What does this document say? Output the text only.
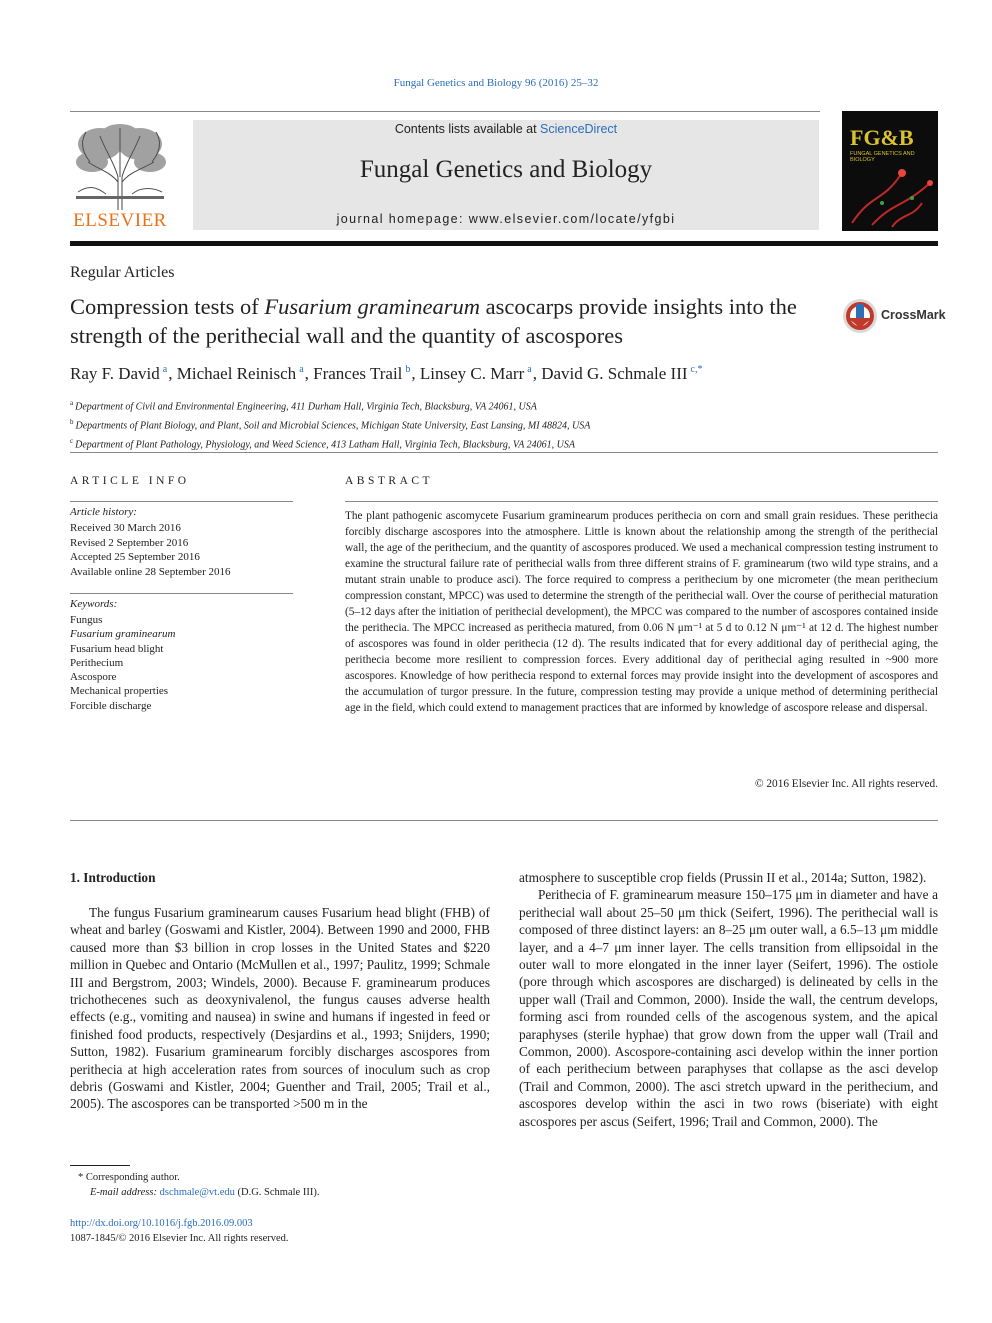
Fungal Genetics and Biology 96 (2016) 25–32
ELSEVIER
Contents lists available at ScienceDirect
Fungal Genetics and Biology
journal homepage: www.elsevier.com/locate/yfgbi
FG&B
FUNGAL GENETICS AND BIOLOGY
Regular Articles
Compression tests of Fusarium graminearum ascocarps provide insights into the strength of the perithecial wall and the quantity of ascospores
CrossMark
Ray F. David $^a$, Michael Reinisch $^a$, Frances Trail $^b$, Linsey C. Marr $^a$, David G. Schmale III $^{c,*}$
$^a$ Department of Civil and Environmental Engineering, 411 Durham Hall, Virginia Tech, Blacksburg, VA 24061, USA
$^b$ Departments of Plant Biology, and Plant, Soil and Microbial Sciences, Michigan State University, East Lansing, MI 48824, USA
$^c$ Department of Plant Pathology, Physiology, and Weed Science, 413 Latham Hall, Virginia Tech, Blacksburg, VA 24061, USA
ARTICLE INFO
Article history:
Received 30 March 2016
Revised 2 September 2016
Accepted 25 September 2016
Available online 28 September 2016
Keywords:
Fungus
Fusarium graminearum
Fusarium head blight
Perithecium
Ascospore
Mechanical properties
Forcible discharge
ABSTRACT
The plant pathogenic ascomycete Fusarium graminearum produces perithecia on corn and small grain residues. These perithecia forcibly discharge ascospores into the atmosphere. Little is known about the relationship among the strength of the perithecial wall, the age of the perithecium, and the quantity of ascospores produced. We used a mechanical compression testing instrument to examine the structural failure rate of perithecial walls from three different strains of F. graminearum (two wild type strains, and a mutant strain unable to produce asci). The force required to compress a perithecium by one micrometer (the mean perithecium compression constant, MPCC) was used to determine the strength of the perithecial wall. Over the course of perithecial maturation (5–12 days after the initiation of perithecial development), the MPCC was compared to the number of ascospores contained inside the perithecia. The MPCC increased as perithecia matured, from 0.06 N μm⁻¹ at 5 d to 0.12 N μm⁻¹ at 12 d. The highest number of ascospores was found in older perithecia (12 d). The results indicated that for every additional day of perithecial aging, the perithecia become more resilient to compression forces. Every additional day of perithecial aging resulted in ~900 more ascospores. Knowledge of how perithecia respond to external forces may provide insight into the development of ascospores and the accumulation of turgor pressure. In the future, compression testing may provide a unique method of determining perithecial age in the field, which could extend to management practices that are informed by knowledge of ascospore release and dispersal.
© 2016 Elsevier Inc. All rights reserved.
1. Introduction

The fungus Fusarium graminearum causes Fusarium head blight (FHB) of wheat and barley (Goswami and Kistler, 2004). Between 1990 and 2000, FHB caused more than $3 billion in crop losses in the United States and $220 million in Quebec and Ontario (McMullen et al., 1997; Paulitz, 1999; Schmale III and Bergstrom, 2003; Windels, 2000). Because F. graminearum produces trichothecenes such as deoxynivalenol, the fungus causes adverse health effects (e.g., vomiting and nausea) in swine and humans if ingested in feed or finished food products, respectively (Desjardins et al., 1993; Snijders, 1990; Sutton, 1982). Fusarium graminearum forcibly discharges ascospores from perithecia at high acceleration rates from sources of inoculum such as crop debris (Goswami and Kistler, 2004; Guenther and Trail, 2005; Trail et al., 2005). The ascospores can be transported >500 m in the

atmosphere to susceptible crop fields (Prussin II et al., 2014a; Sutton, 1982).

Perithecia of F. graminearum measure 150–175 μm in diameter and have a perithecial wall about 25–50 μm thick (Seifert, 1996). The perithecial wall is composed of three distinct layers: an 8–25 μm outer wall, a 6.5–13 μm middle layer, and a 4–7 μm inner layer. The cells transition from ellipsoidal in the outer wall to more elongated in the inner layer (Seifert, 1996). The ostiole (pore through which ascospores are discharged) is delineated by cells in the upper wall (Trail and Common, 2000). Inside the wall, the centrum develops, forming asci from rounded cells of the ascogenous system, and the apical paraphyses (sterile hyphae) that grow down from the upper wall (Trail and Common, 2000). Ascospore-containing asci develop within the inner portion of each perithecium between paraphyses that collapse as the asci develop (Trail and Common, 2000). The asci stretch upward in the perithecium, and ascospores develop within the asci in two rows (biseriate) with eight ascospores per ascus (Seifert, 1996; Trail and Common, 2000). The

* Corresponding author.
E-mail address: dschmale@vt.edu (D.G. Schmale III).
http://dx.doi.org/10.1016/j.fgb.2016.09.003
1087-1845/© 2016 Elsevier Inc. All rights reserved.
